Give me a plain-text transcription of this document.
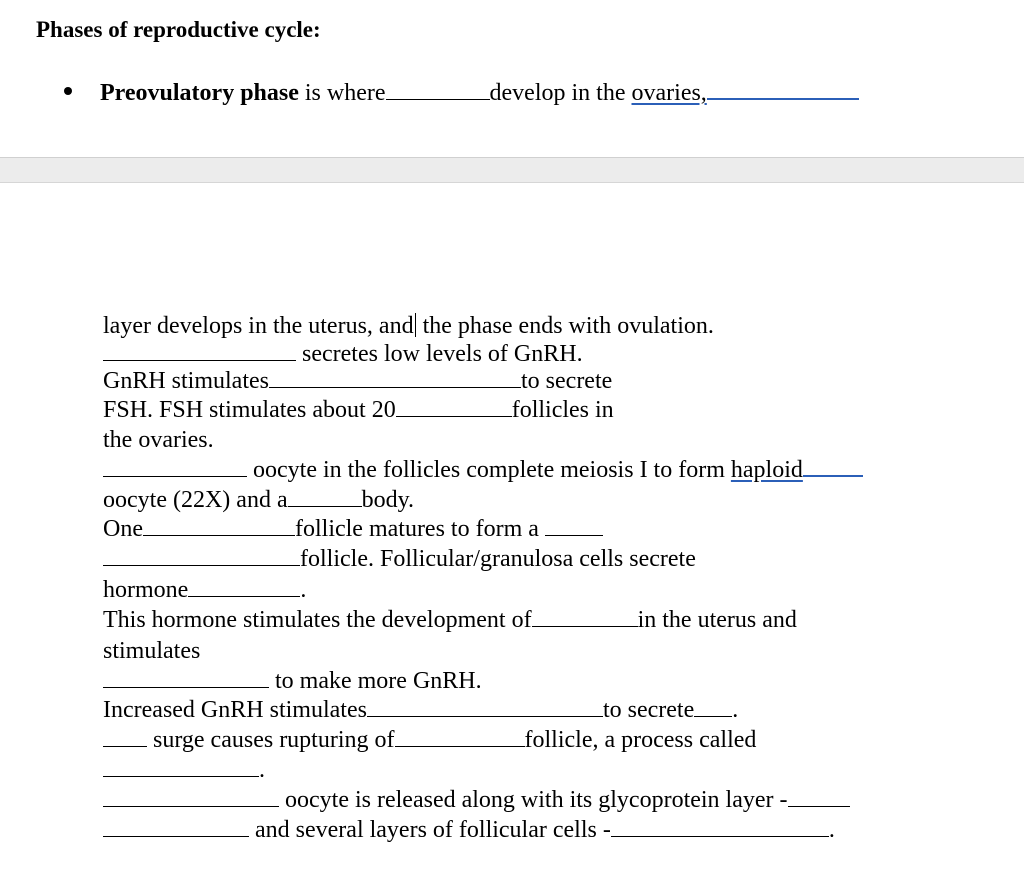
Phases of reproductive cycle:
Preovulatory phase is where	develop in the ovaries,
layer develops in the uterus, and the phase ends with ovulation.
secretes low levels of GnRH.
GnRH stimulates	to secrete
FSH. FSH stimulates about 20	follicles in
the ovaries.
oocyte in the follicles complete meiosis I to form haploid
oocyte (22X) and a	body.
One	follicle matures to form a
follicle. Follicular/granulosa cells secrete
hormone	.
This hormone stimulates the development of	in the uterus and
stimulates
to make more GnRH.
Increased GnRH stimulates	to secrete .
surge causes rupturing of	follicle, a process called
.
oocyte is released along with its glycoprotein layer -
and several layers of follicular cells -	.
